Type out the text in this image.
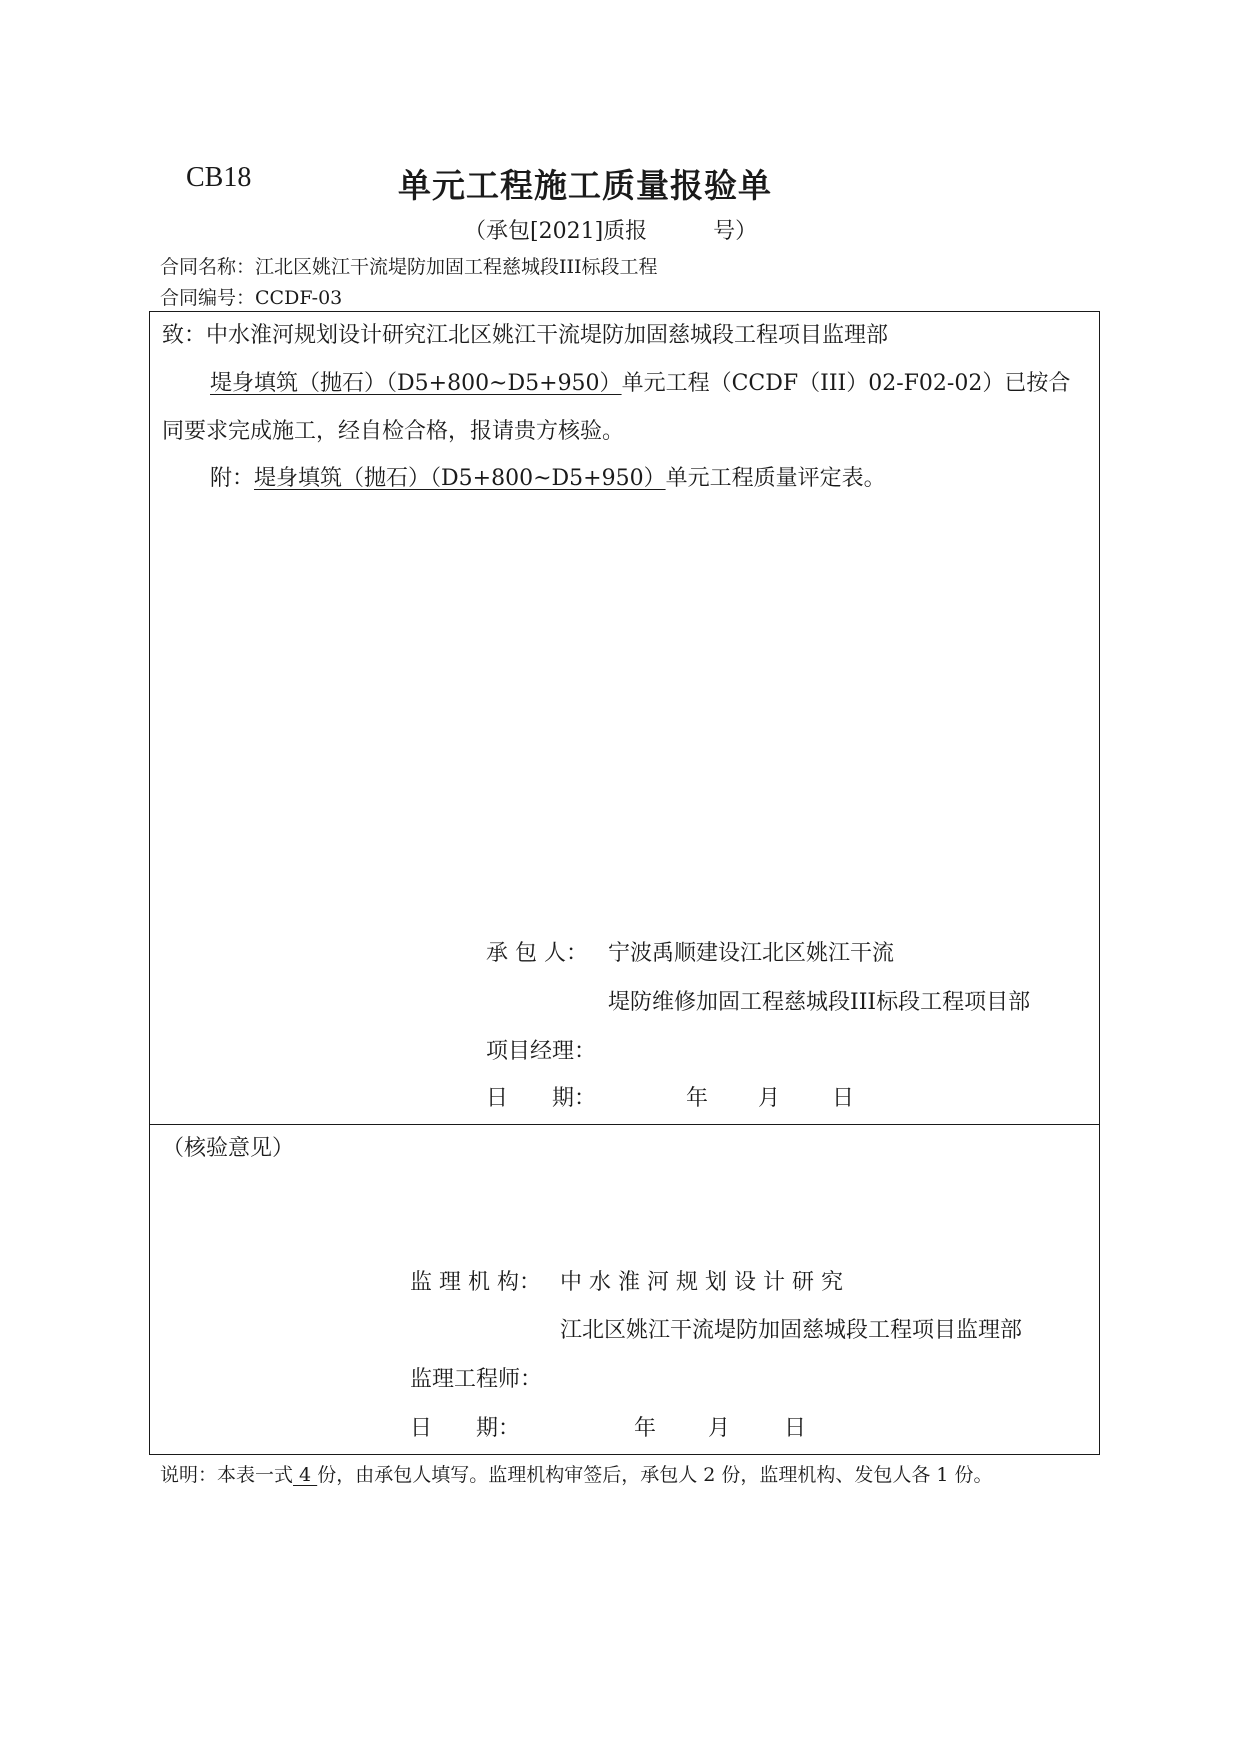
CB18	单元工程施工质量报验单
（承包[2021]质报　　　号）
合同名称：江北区姚江干流堤防加固工程慈城段III标段工程
合同编号：CCDF-03
致：中水淮河规划设计研究江北区姚江干流堤防加固慈城段工程项目监理部
堤身填筑（抛石）（D5+800~D5+950）单元工程（CCDF（III）02-F02-02）已按合
同要求完成施工，经自检合格，报请贵方核验。
附：堤身填筑（抛石）（D5+800~D5+950）单元工程质量评定表。
承 包 人： 宁波禹顺建设江北区姚江干流
堤防维修加固工程慈城段III标段工程项目部
项目经理：
日　　期：	年 月 日
（核验意见）
监 理 机 构： 中 水 淮 河 规 划 设 计 研 究
江北区姚江干流堤防加固慈城段工程项目监理部
监理工程师：
日　　期：	年 月 日
说明：本表一式 4 份，由承包人填写。监理机构审签后，承包人 2 份，监理机构、发包人各 1 份。
